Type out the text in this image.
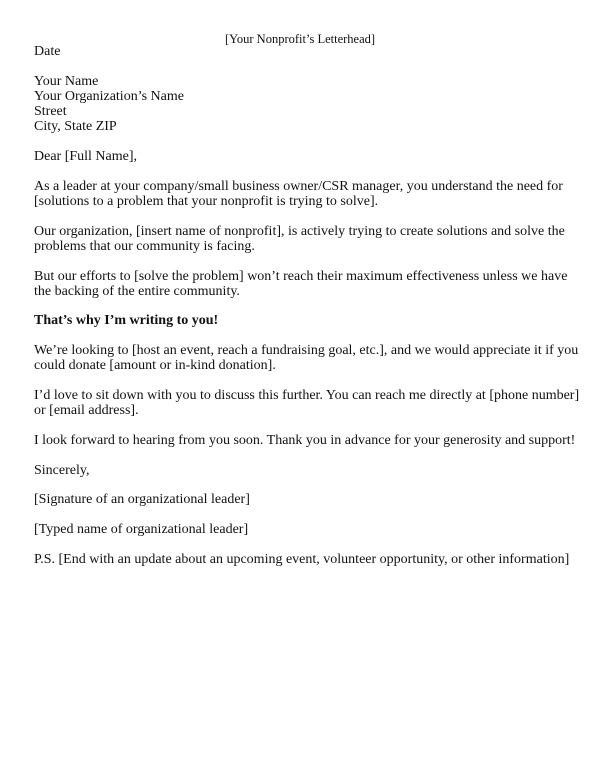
[Your Nonprofit’s Letterhead]
Date
Your Name
Your Organization’s Name
Street
City, State ZIP
Dear [Full Name],
As a leader at your company/small business owner/CSR manager, you understand the need for
[solutions to a problem that your nonprofit is trying to solve].
Our organization, [insert name of nonprofit], is actively trying to create solutions and solve the
problems that our community is facing.
But our efforts to [solve the problem] won’t reach their maximum effectiveness unless we have
the backing of the entire community.
That’s why I’m writing to you!
We’re looking to [host an event, reach a fundraising goal, etc.], and we would appreciate it if you
could donate [amount or in-kind donation].
I’d love to sit down with you to discuss this further. You can reach me directly at [phone number]
or [email address].
I look forward to hearing from you soon. Thank you in advance for your generosity and support!
Sincerely,
[Signature of an organizational leader]
[Typed name of organizational leader]
P.S. [End with an update about an upcoming event, volunteer opportunity, or other information]
